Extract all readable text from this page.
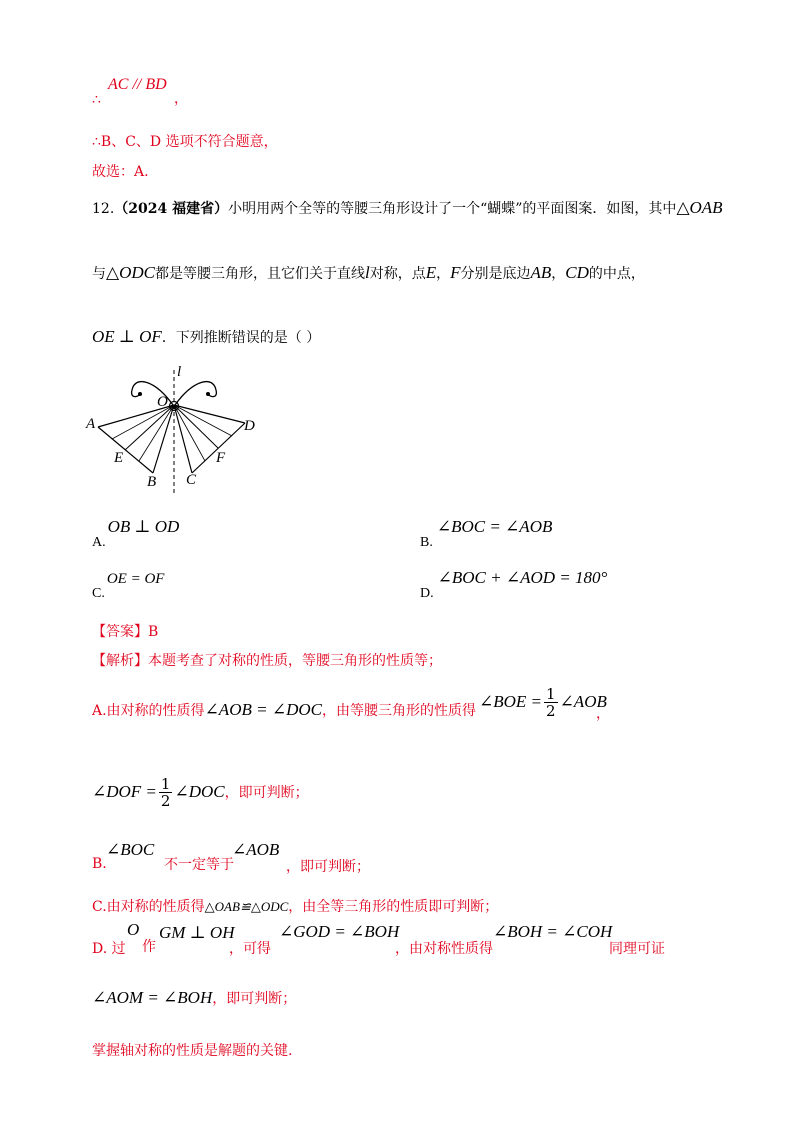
∴
AC // BD
，
∴B、C、D 选项不符合题意，
故选：A.
12.（2024 福建省）小明用两个全等的等腰三角形设计了一个“蝴蝶”的平面图案．如图，其中△OAB
与△ODC都是等腰三角形，且它们关于直线l对称，点E，F分别是底边AB，CD的中点，
OE ⊥ OF．下列推断错误的是（ ）
l
O
A	D
E	F
B C
A.OB ⊥ OD
B.∠BOC = ∠AOB
C.OE = OF
D.∠BOC + ∠AOD = 180°
【答案】B
【解析】本题考查了对称的性质，等腰三角形的性质等；
A.由对称的性质得∠AOB = ∠DOC，由等腰三角形的性质得 ∠BOE = $\frac{1}{2}$ ∠AOB
，
∠DOF = $\frac{1}{2}$ ∠DOC，即可判断；
B.
∠BOC
不一定等于
∠AOB
，即可判断；
C.由对称的性质得△OAB≌△ODC，由全等三角形的性质即可判断；
D. 过
O
作
GM ⊥ OH
，可得
∠GOD = ∠BOH
，由对称性质得
∠BOH = ∠COH
同理可证
∠AOM = ∠BOH，即可判断；
掌握轴对称的性质是解题的关键.
